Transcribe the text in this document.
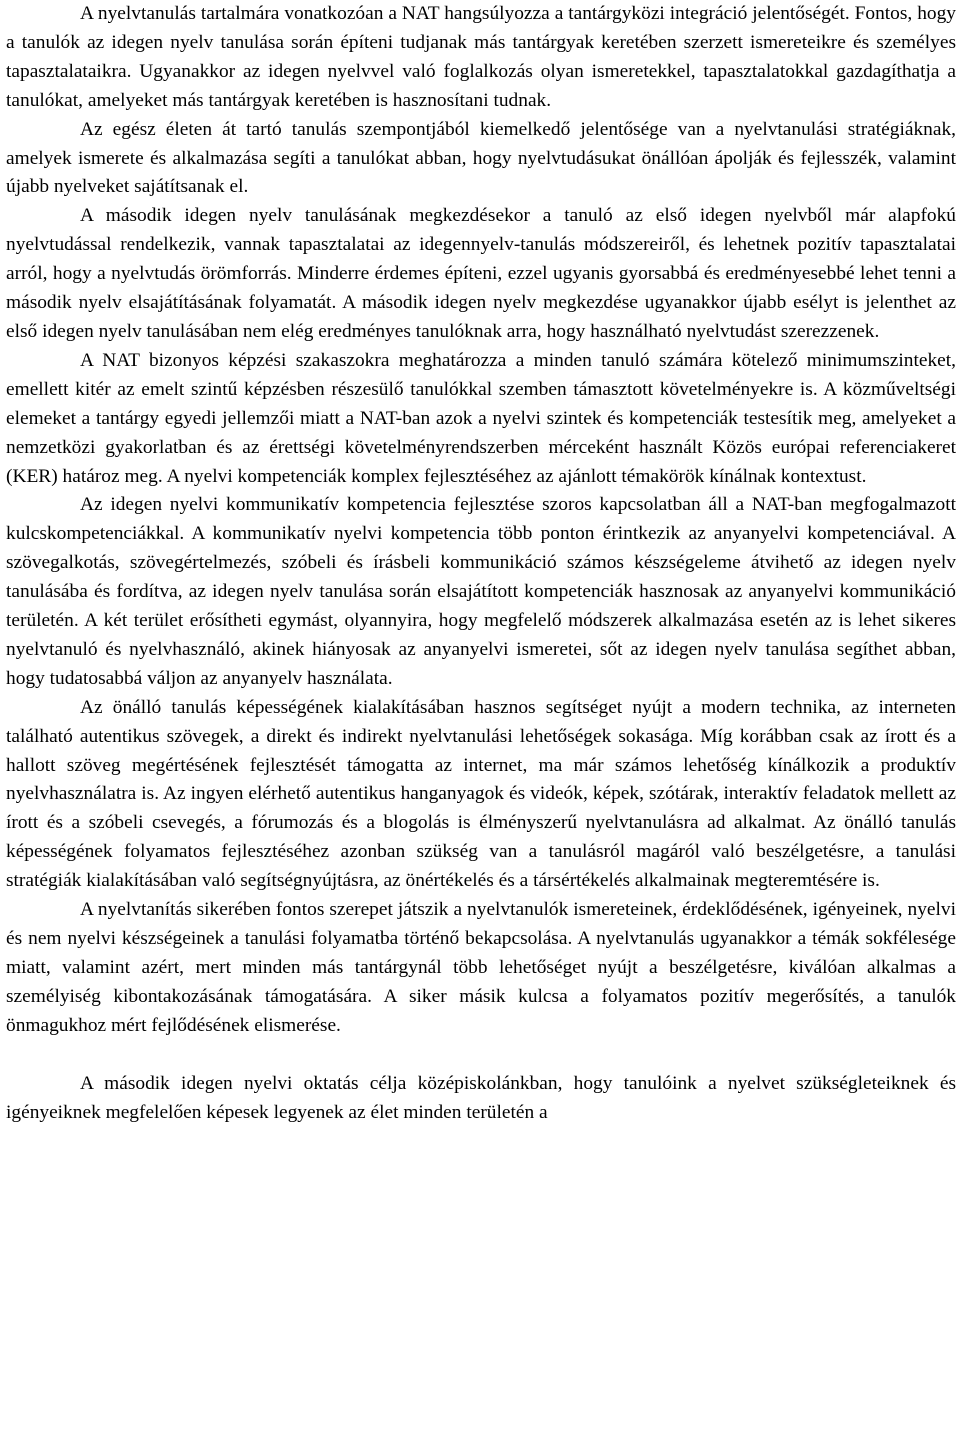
A nyelvtanulás tartalmára vonatkozóan a NAT hangsúlyozza a tantárgyközi integráció jelentőségét. Fontos, hogy a tanulók az idegen nyelv tanulása során építeni tudjanak más tantárgyak keretében szerzett ismereteikre és személyes tapasztalataikra. Ugyanakkor az idegen nyelvvel való foglalkozás olyan ismeretekkel, tapasztalatokkal gazdagíthatja a tanulókat, amelyeket más tantárgyak keretében is hasznosítani tudnak.

Az egész életen át tartó tanulás szempontjából kiemelkedő jelentősége van a nyelvtanulási stratégiáknak, amelyek ismerete és alkalmazása segíti a tanulókat abban, hogy nyelvtudásukat önállóan ápolják és fejlesszék, valamint újabb nyelveket sajátítsanak el.

A második idegen nyelv tanulásának megkezdésekor a tanuló az első idegen nyelvből már alapfokú nyelvtudással rendelkezik, vannak tapasztalatai az idegennyelv-tanulás módszereiről, és lehetnek pozitív tapasztalatai arról, hogy a nyelvtudás örömforrás. Minderre érdemes építeni, ezzel ugyanis gyorsabbá és eredményesebbé lehet tenni a második nyelv elsajátításának folyamatát. A második idegen nyelv megkezdése ugyanakkor újabb esélyt is jelenthet az első idegen nyelv tanulásában nem elég eredményes tanulóknak arra, hogy használható nyelvtudást szerezzenek.

A NAT bizonyos képzési szakaszokra meghatározza a minden tanuló számára kötelező minimumszinteket, emellett kitér az emelt szintű képzésben részesülő tanulókkal szemben támasztott követelményekre is. A közműveltségi elemeket a tantárgy egyedi jellemzői miatt a NAT-ban azok a nyelvi szintek és kompetenciák testesítik meg, amelyeket a nemzetközi gyakorlatban és az érettségi követelményrendszerben mérceként használt Közös európai referenciakeret (KER) határoz meg. A nyelvi kompetenciák komplex fejlesztéséhez az ajánlott témakörök kínálnak kontextust.

Az idegen nyelvi kommunikatív kompetencia fejlesztése szoros kapcsolatban áll a NAT-ban megfogalmazott kulcskompetenciákkal. A kommunikatív nyelvi kompetencia több ponton érintkezik az anyanyelvi kompetenciával. A szövegalkotás, szövegértelmezés, szóbeli és írásbeli kommunikáció számos készségeleme átvihető az idegen nyelv tanulásába és fordítva, az idegen nyelv tanulása során elsajátított kompetenciák hasznosak az anyanyelvi kommunikáció területén. A két terület erősítheti egymást, olyannyira, hogy megfelelő módszerek alkalmazása esetén az is lehet sikeres nyelvtanuló és nyelvhasználó, akinek hiányosak az anyanyelvi ismeretei, sőt az idegen nyelv tanulása segíthet abban, hogy tudatosabbá váljon az anyanyelv használata.

Az önálló tanulás képességének kialakításában hasznos segítséget nyújt a modern technika, az interneten található autentikus szövegek, a direkt és indirekt nyelvtanulási lehetőségek sokasága. Míg korábban csak az írott és a hallott szöveg megértésének fejlesztését támogatta az internet, ma már számos lehetőség kínálkozik a produktív nyelvhasználatra is. Az ingyen elérhető autentikus hanganyagok és videók, képek, szótárak, interaktív feladatok mellett az írott és a szóbeli csevegés, a fórumozás és a blogolás is élményszerű nyelvtanulásra ad alkalmat. Az önálló tanulás képességének folyamatos fejlesztéséhez azonban szükség van a tanulásról magáról való beszélgetésre, a tanulási stratégiák kialakításában való segítségnyújtásra, az önértékelés és a társértékelés alkalmainak megteremtésére is.

A nyelvtanítás sikerében fontos szerepet játszik a nyelvtanulók ismereteinek, érdeklődésének, igényeinek, nyelvi és nem nyelvi készségeinek a tanulási folyamatba történő bekapcsolása. A nyelvtanulás ugyanakkor a témák sokfélesége miatt, valamint azért, mert minden más tantárgynál több lehetőséget nyújt a beszélgetésre, kiválóan alkalmas a személyiség kibontakozásának támogatására. A siker másik kulcsa a folyamatos pozitív megerősítés, a tanulók önmagukhoz mért fejlődésének elismerése.

A második idegen nyelvi oktatás célja középiskolánkban, hogy tanulóink a nyelvet szükségleteiknek és igényeiknek megfelelően képesek legyenek az élet minden területén a
